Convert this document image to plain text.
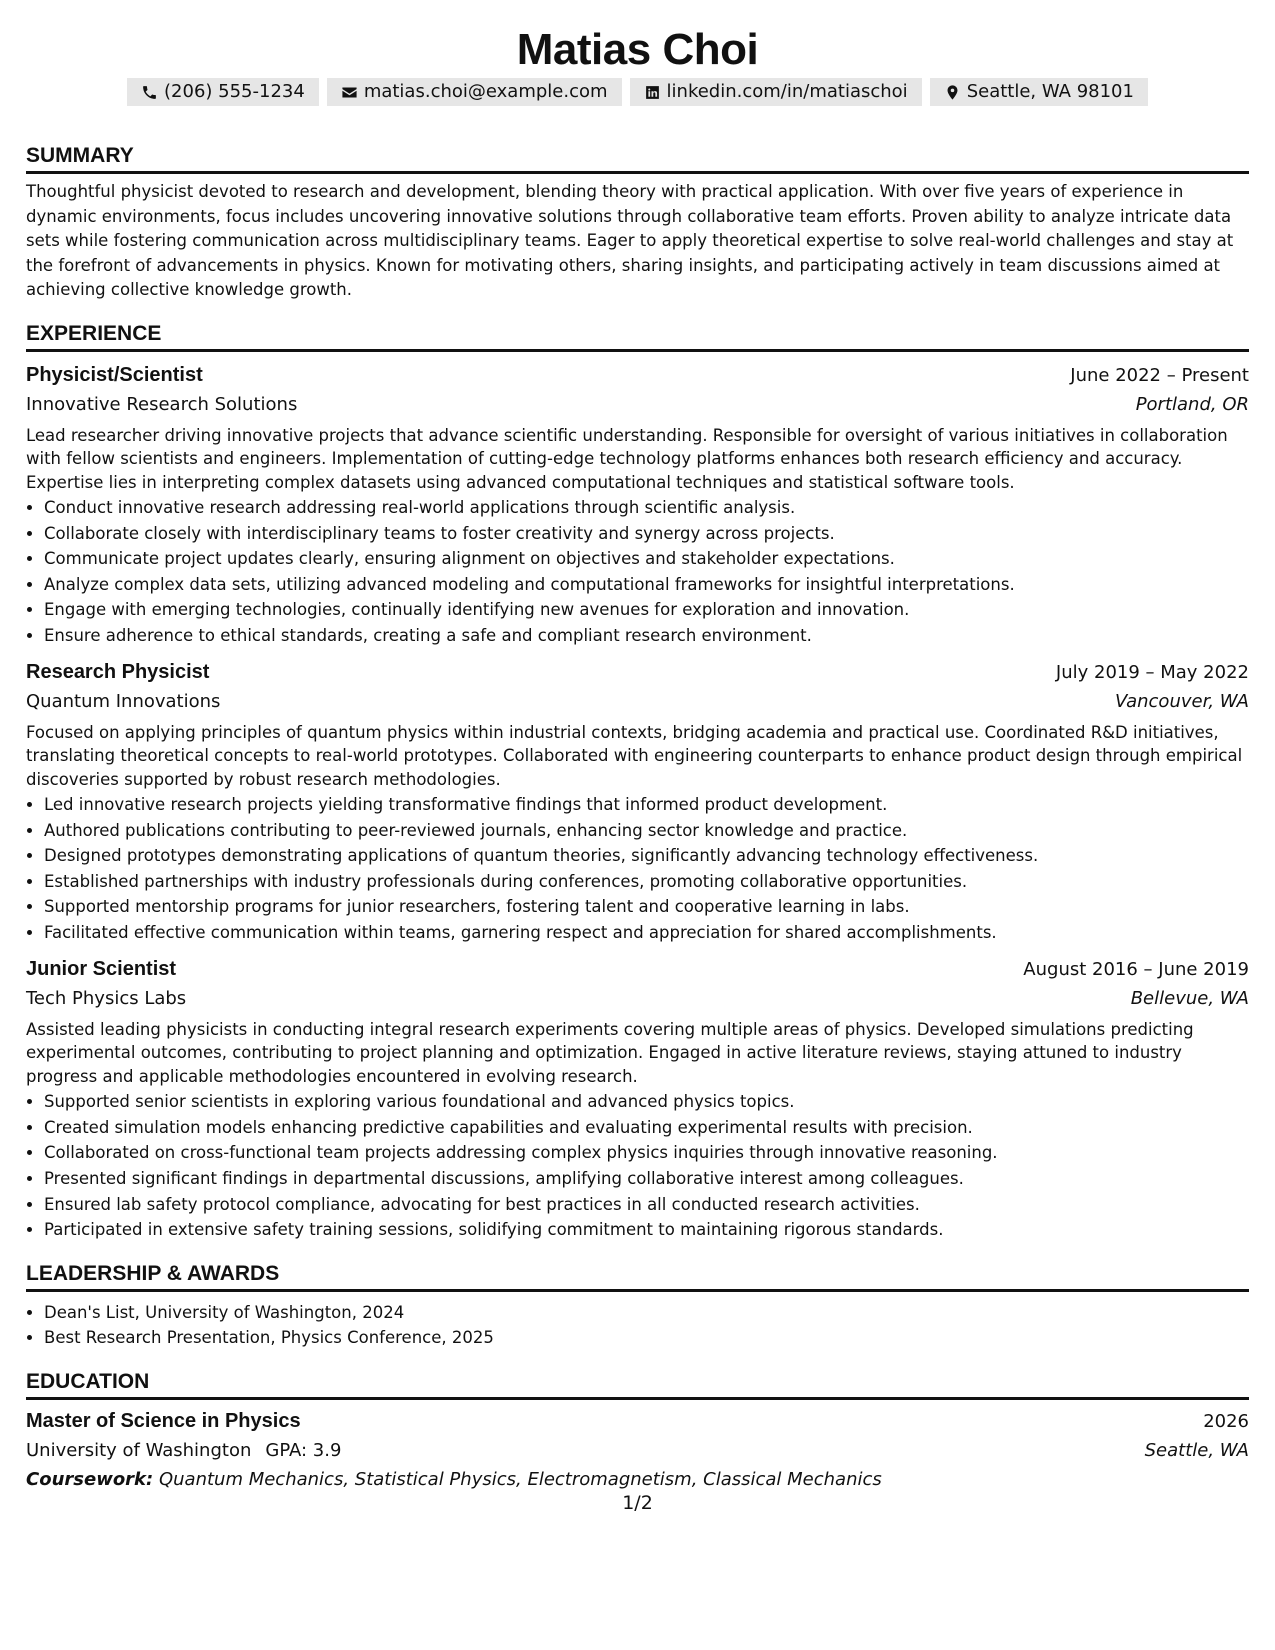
Matias Choi
(206) 555-1234	matias.choi@example.com	linkedin.com/in/matiaschoi	Seattle, WA 98101
SUMMARY

Thoughtful physicist devoted to research and development, blending theory with practical application. With over five years of experience in dynamic environments, focus includes uncovering innovative solutions through collaborative team efforts. Proven ability to analyze intricate data sets while fostering communication across multidisciplinary teams. Eager to apply theoretical expertise to solve real-world challenges and stay at the forefront of advancements in physics. Known for motivating others, sharing insights, and participating actively in team discussions aimed at achieving collective knowledge growth.

EXPERIENCE
Physicist/Scientist	June 2022 – Present
Innovative Research Solutions	Portland, OR

Lead researcher driving innovative projects that advance scientific understanding. Responsible for oversight of various initiatives in collaboration with fellow scientists and engineers. Implementation of cutting-edge technology platforms enhances both research efficiency and accuracy. Expertise lies in interpreting complex datasets using advanced computational techniques and statistical software tools.

• Conduct innovative research addressing real-world applications through scientific analysis.
• Collaborate closely with interdisciplinary teams to foster creativity and synergy across projects.
• Communicate project updates clearly, ensuring alignment on objectives and stakeholder expectations.
• Analyze complex data sets, utilizing advanced modeling and computational frameworks for insightful interpretations.
• Engage with emerging technologies, continually identifying new avenues for exploration and innovation.
• Ensure adherence to ethical standards, creating a safe and compliant research environment.
Research Physicist	July 2019 – May 2022
Quantum Innovations	Vancouver, WA

Focused on applying principles of quantum physics within industrial contexts, bridging academia and practical use. Coordinated R&D initiatives, translating theoretical concepts to real-world prototypes. Collaborated with engineering counterparts to enhance product design through empirical discoveries supported by robust research methodologies.

• Led innovative research projects yielding transformative findings that informed product development.
• Authored publications contributing to peer-reviewed journals, enhancing sector knowledge and practice.
• Designed prototypes demonstrating applications of quantum theories, significantly advancing technology effectiveness.
• Established partnerships with industry professionals during conferences, promoting collaborative opportunities.
• Supported mentorship programs for junior researchers, fostering talent and cooperative learning in labs.
• Facilitated effective communication within teams, garnering respect and appreciation for shared accomplishments.
Junior Scientist	August 2016 – June 2019
Tech Physics Labs	Bellevue, WA

Assisted leading physicists in conducting integral research experiments covering multiple areas of physics. Developed simulations predicting experimental outcomes, contributing to project planning and optimization. Engaged in active literature reviews, staying attuned to industry progress and applicable methodologies encountered in evolving research.

• Supported senior scientists in exploring various foundational and advanced physics topics.
• Created simulation models enhancing predictive capabilities and evaluating experimental results with precision.
• Collaborated on cross-functional team projects addressing complex physics inquiries through innovative reasoning.
• Presented significant findings in departmental discussions, amplifying collaborative interest among colleagues.
• Ensured lab safety protocol compliance, advocating for best practices in all conducted research activities.
• Participated in extensive safety training sessions, solidifying commitment to maintaining rigorous standards.
LEADERSHIP & AWARDS
• Dean's List, University of Washington, 2024
• Best Research Presentation, Physics Conference, 2025
EDUCATION
Master of Science in Physics	2026
University of Washington GPA: 3.9	Seattle, WA
Coursework: Quantum Mechanics, Statistical Physics, Electromagnetism, Classical Mechanics
1/2
